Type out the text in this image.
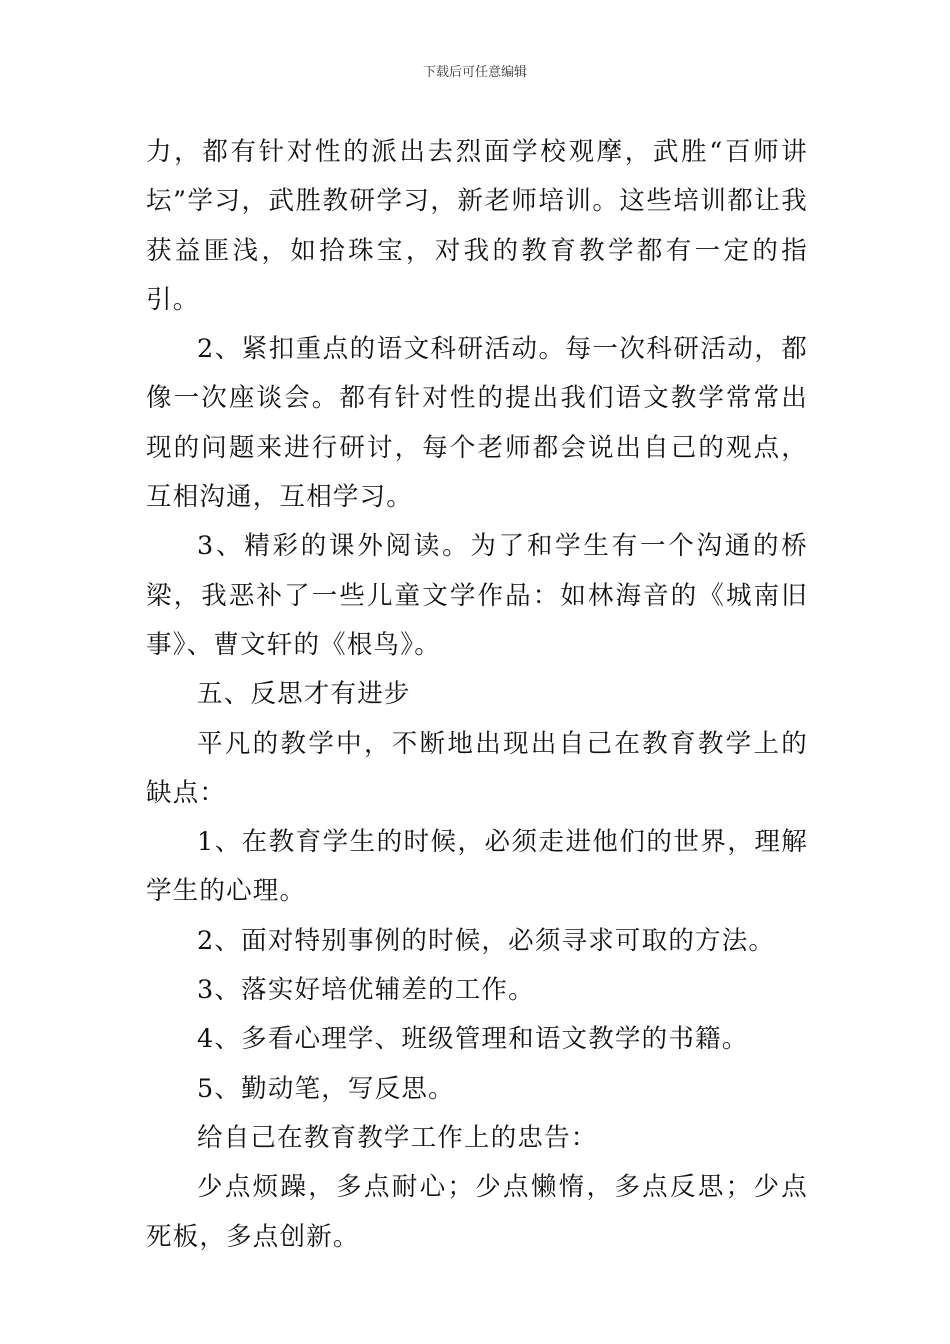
下载后可任意编辑

力，都有针对性的派出去烈面学校观摩，武胜“百师讲坛”学习，武胜教研学习，新老师培训。这些培训都让我获益匪浅，如拾珠宝，对我的教育教学都有一定的指引。

2、紧扣重点的语文科研活动。每一次科研活动，都像一次座谈会。都有针对性的提出我们语文教学常常出现的问题来进行研讨，每个老师都会说出自己的观点，互相沟通，互相学习。

3、精彩的课外阅读。为了和学生有一个沟通的桥梁，我恶补了一些儿童文学作品：如林海音的《城南旧事》、曹文轩的《根鸟》。

五、反思才有进步

平凡的教学中，不断地出现出自己在教育教学上的缺点：

1、在教育学生的时候，必须走进他们的世界，理解学生的心理。

2、面对特别事例的时候，必须寻求可取的方法。

3、落实好培优辅差的工作。

4、多看心理学、班级管理和语文教学的书籍。

5、勤动笔，写反思。

给自己在教育教学工作上的忠告：

少点烦躁，多点耐心；少点懒惰，多点反思；少点死板，多点创新。
